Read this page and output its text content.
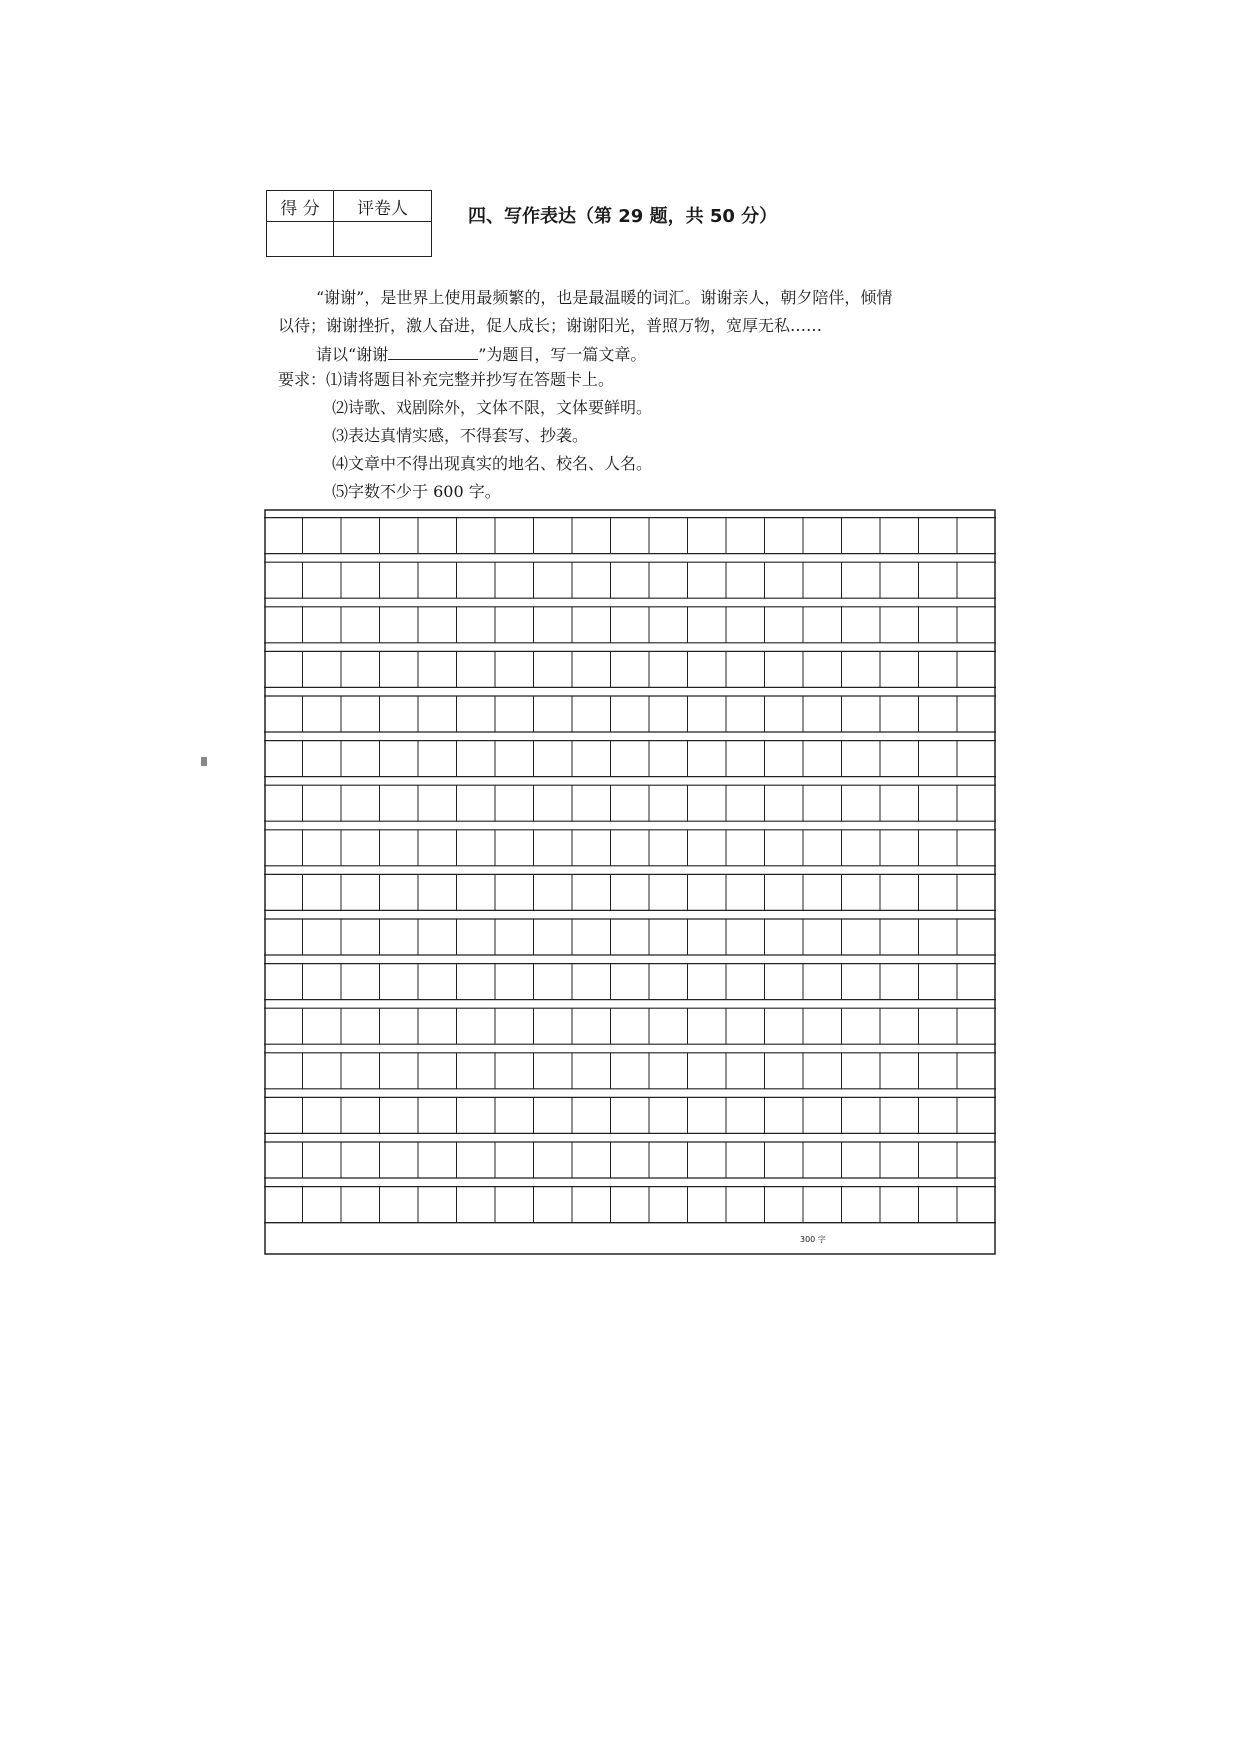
得 分	评卷人
		四、写作表达（第 29 题，共 50 分）
“谢谢”，是世界上使用最频繁的，也是最温暖的词汇。谢谢亲人，朝夕陪伴，倾情
以待；谢谢挫折，激人奋进，促人成长；谢谢阳光，普照万物，宽厚无私……
请以“谢谢	”为题目，写一篇文章。
要求：⑴请将题目补充完整并抄写在答题卡上。
⑵诗歌、戏剧除外，文体不限，文体要鲜明。
⑶表达真情实感，不得套写、抄袭。
⑷文章中不得出现真实的地名、校名、人名。
⑸字数不少于 600 字。
300 字
